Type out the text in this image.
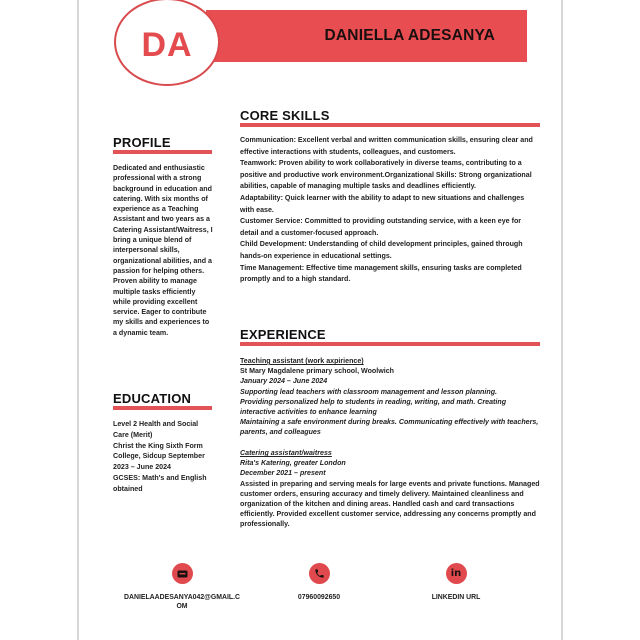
DA	DANIELLA ADESANYA
PROFILE

Dedicated and enthusiastic professional with a strong background in education and catering. With six months of experience as a Teaching Assistant and two years as a Catering Assistant/Waitress, I bring a unique blend of interpersonal skills, organizational abilities, and a passion for helping others. Proven ability to manage multiple tasks efficiently while providing excellent service. Eager to contribute my skills and experiences to a dynamic team.

EDUCATION

Level 2 Health and Social Care (Merit)

Christ the King Sixth Form College, Sidcup September 2023 – June 2024

GCSES: Math's and English obtained

CORE SKILLS

Communication: Excellent verbal and written communication skills, ensuring clear and effective interactions with students, colleagues, and customers.

Teamwork: Proven ability to work collaboratively in diverse teams, contributing to a positive and productive work environment.Organizational Skills: Strong organizational abilities, capable of managing multiple tasks and deadlines efficiently.

Adaptability: Quick learner with the ability to adapt to new situations and challenges with ease.

Customer Service: Committed to providing outstanding service, with a keen eye for detail and a customer-focused approach.

Child Development: Understanding of child development principles, gained through hands-on experience in educational settings.

Time Management: Effective time management skills, ensuring tasks are completed promptly and to a high standard.

EXPERIENCE

Teaching assistant (work axpirience)

St Mary Magdalene primary school, Woolwich

January 2024 – June 2024

Supporting lead teachers with classroom management and lesson planning.

Providing personalized help to students in reading, writing, and math. Creating interactive activities to enhance learning

Maintaining a safe environment during breaks. Communicating effectively with teachers, parents, and colleagues

Catering assistant/waitress

Rita's Katering, greater London

December 2021 – present

Assisted in preparing and serving meals for large events and private functions. Managed customer orders, ensuring accuracy and timely delivery. Maintained cleanliness and organization of the kitchen and dining areas. Handled cash and card transactions efficiently. Provided excellent customer service, addressing any concerns promptly and professionally.

DANIELAADESANYA042@GMAIL.COM
07960092650
in
LINKEDIN URL
